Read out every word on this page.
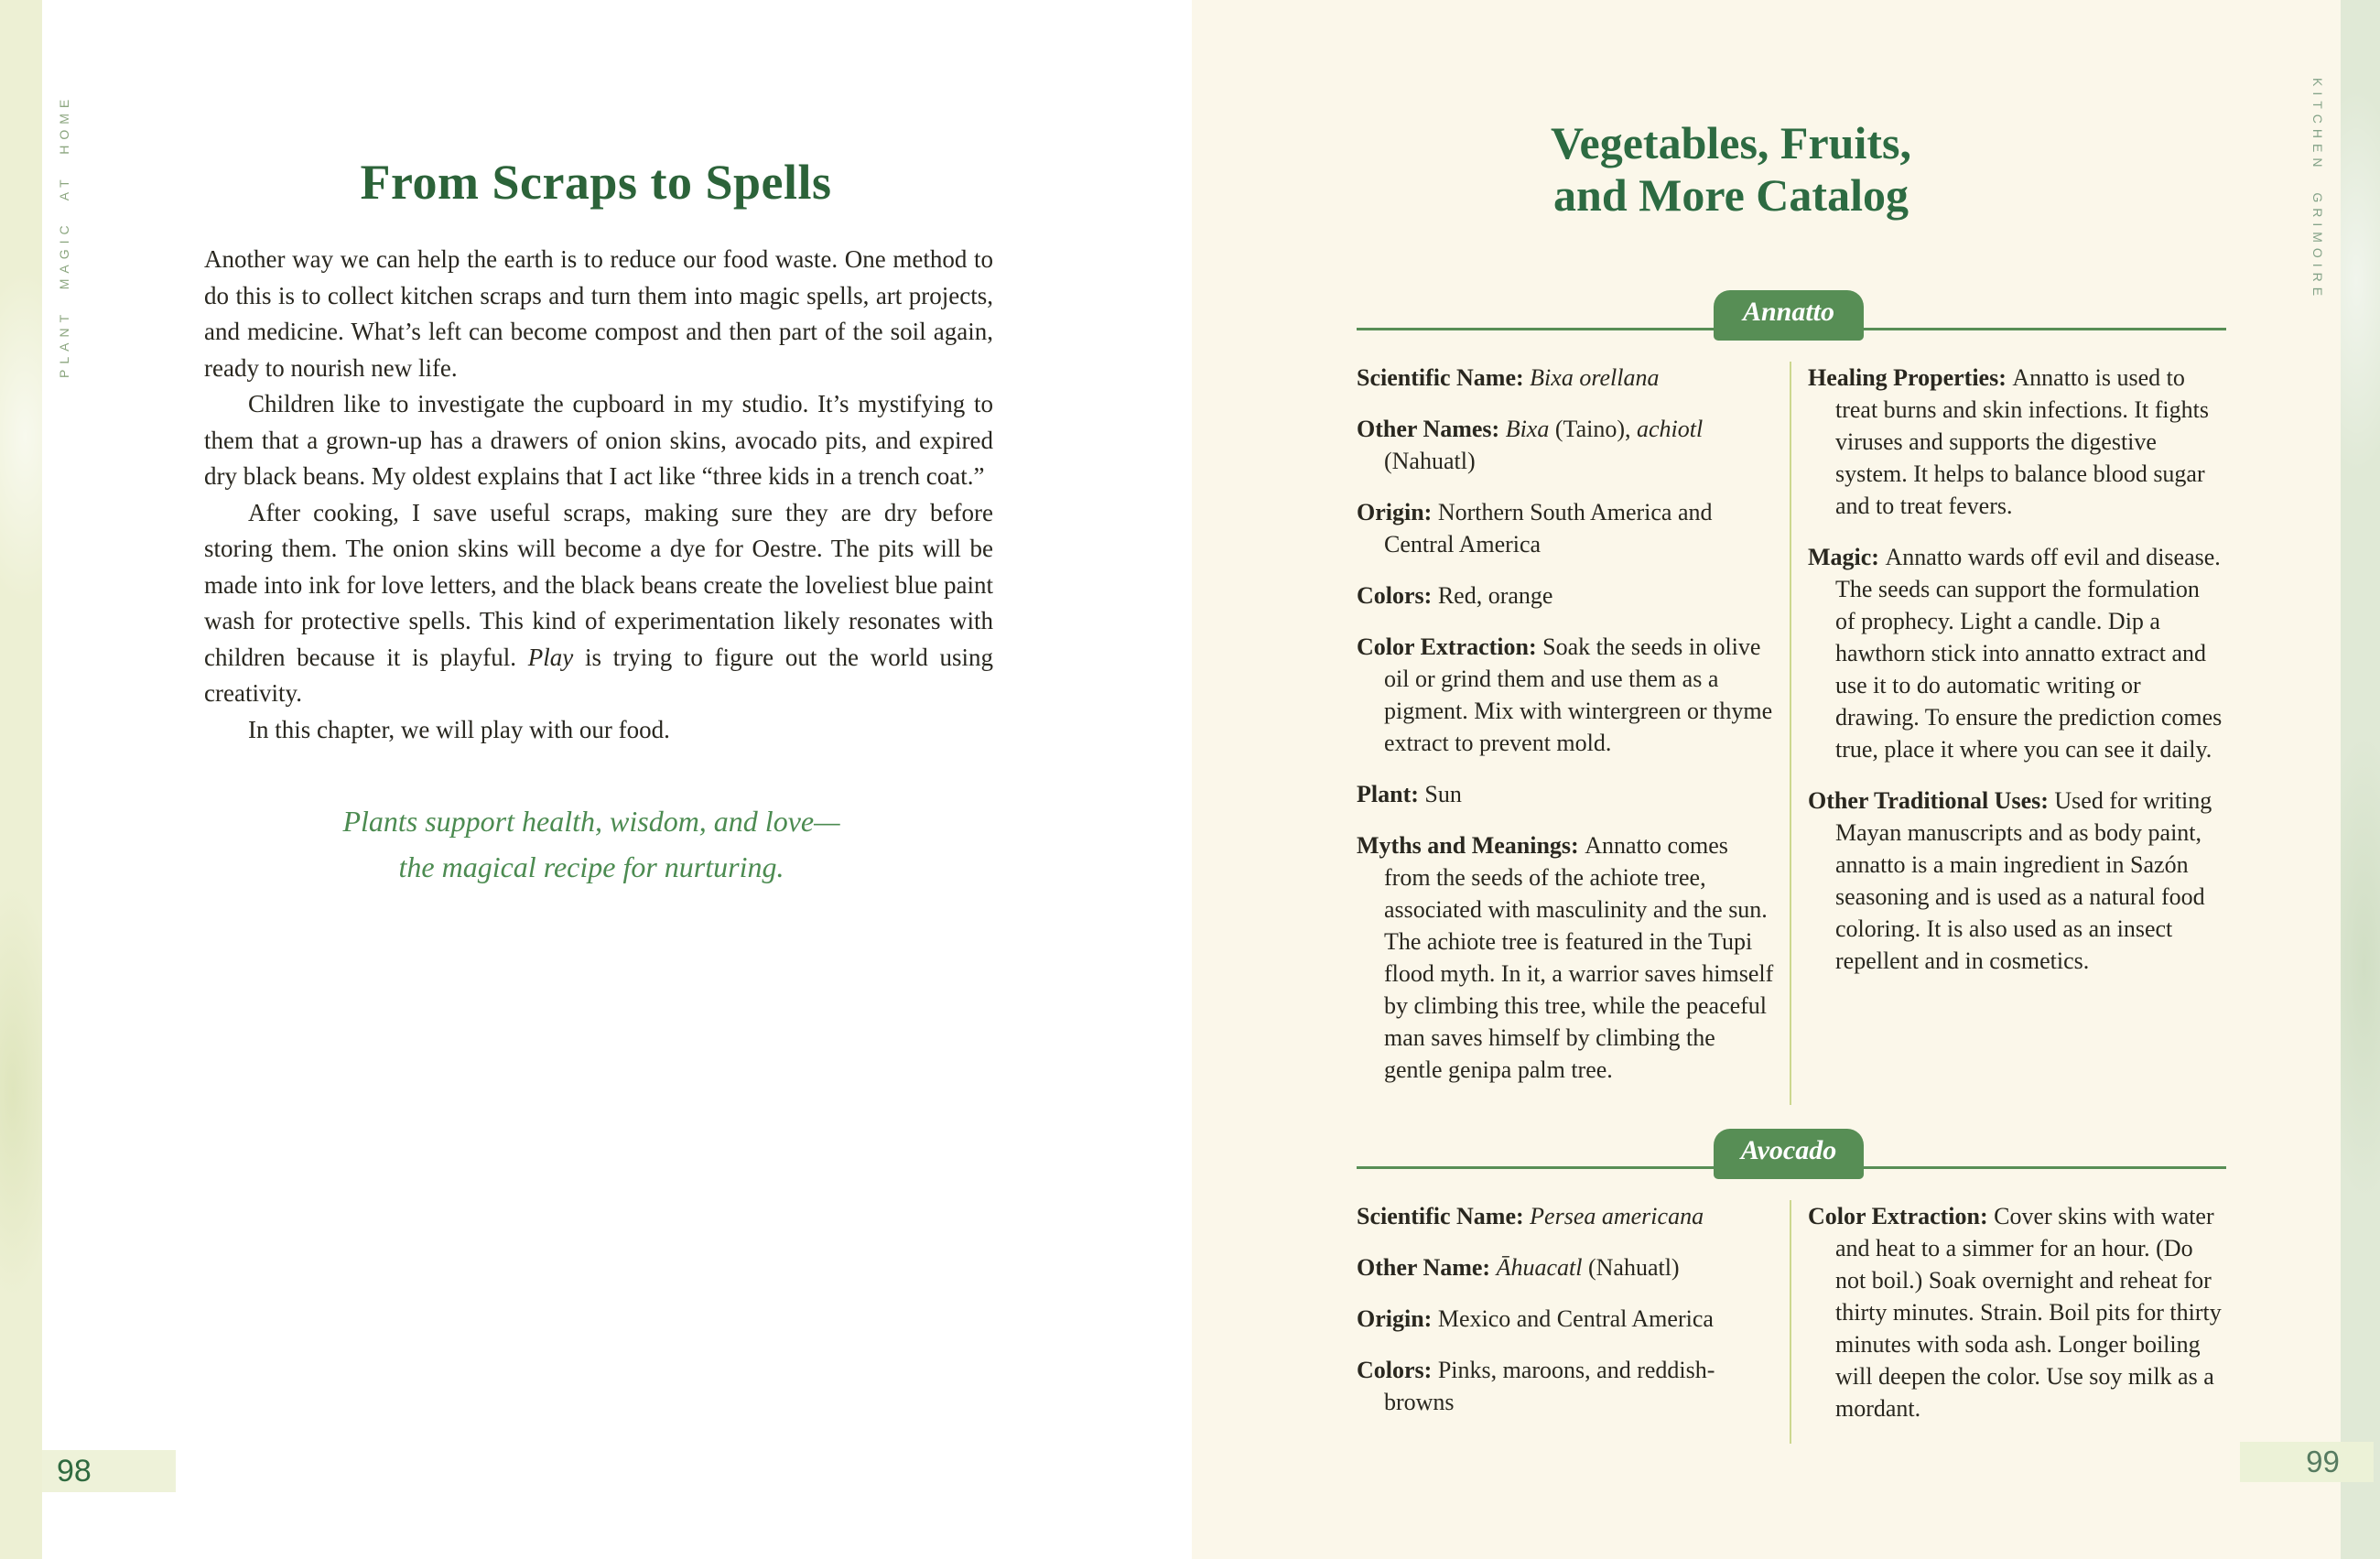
PLANT MAGIC AT HOME	From Scraps to Spells

Another way we can help the earth is to reduce our food waste. One method to do this is to collect kitchen scraps and turn them into magic spells, art projects, and medicine. What’s left can become compost and then part of the soil again, ready to nourish new life.

Children like to investigate the cupboard in my studio. It’s mystifying to them that a grown-up has a drawers of onion skins, avocado pits, and expired dry black beans. My oldest explains that I act like “three kids in a trench coat.”

After cooking, I save useful scraps, making sure they are dry before storing them. The onion skins will become a dye for Oestre. The pits will be made into ink for love letters, and the black beans create the loveliest blue paint wash for protective spells. This kind of experimentation likely resonates with children because it is playful. Play is trying to figure out the world using creativity.

In this chapter, we will play with our food.

Plants support health, wisdom, and love—
the magical recipe for nurturing.
98
KITCHEN GRIMOIRE
Vegetables, Fruits,
and More Catalog
Annatto

Scientific Name: Bixa orellana

Other Names: Bixa (Taino), achiotl (Nahuatl)

Origin: Northern South America and Central America

Colors: Red, orange

Color Extraction: Soak the seeds in olive oil or grind them and use them as a pigment. Mix with wintergreen or thyme extract to prevent mold.

Plant: Sun

Myths and Meanings: Annatto comes from the seeds of the achiote tree, associated with masculinity and the sun. The achiote tree is featured in the Tupi flood myth. In it, a warrior saves himself by climbing this tree, while the peaceful man saves himself by climbing the gentle genipa palm tree.

Healing Properties: Annatto is used to treat burns and skin infections. It fights viruses and supports the digestive system. It helps to balance blood sugar and to treat fevers.

Magic: Annatto wards off evil and disease. The seeds can support the formulation of prophecy. Light a candle. Dip a hawthorn stick into annatto extract and use it to do automatic writing or drawing. To ensure the prediction comes true, place it where you can see it daily.

Other Traditional Uses: Used for writing Mayan manuscripts and as body paint, annatto is a main ingredient in Sazón seasoning and is used as a natural food coloring. It is also used as an insect repellent and in cosmetics.

Avocado

Scientific Name: Persea americana

Other Name: Āhuacatl (Nahuatl)

Origin: Mexico and Central America

Colors: Pinks, maroons, and reddish-browns

Color Extraction: Cover skins with water and heat to a simmer for an hour. (Do not boil.) Soak overnight and reheat for thirty minutes. Strain. Boil pits for thirty minutes with soda ash. Longer boiling will deepen the color. Use soy milk as a mordant.

99
